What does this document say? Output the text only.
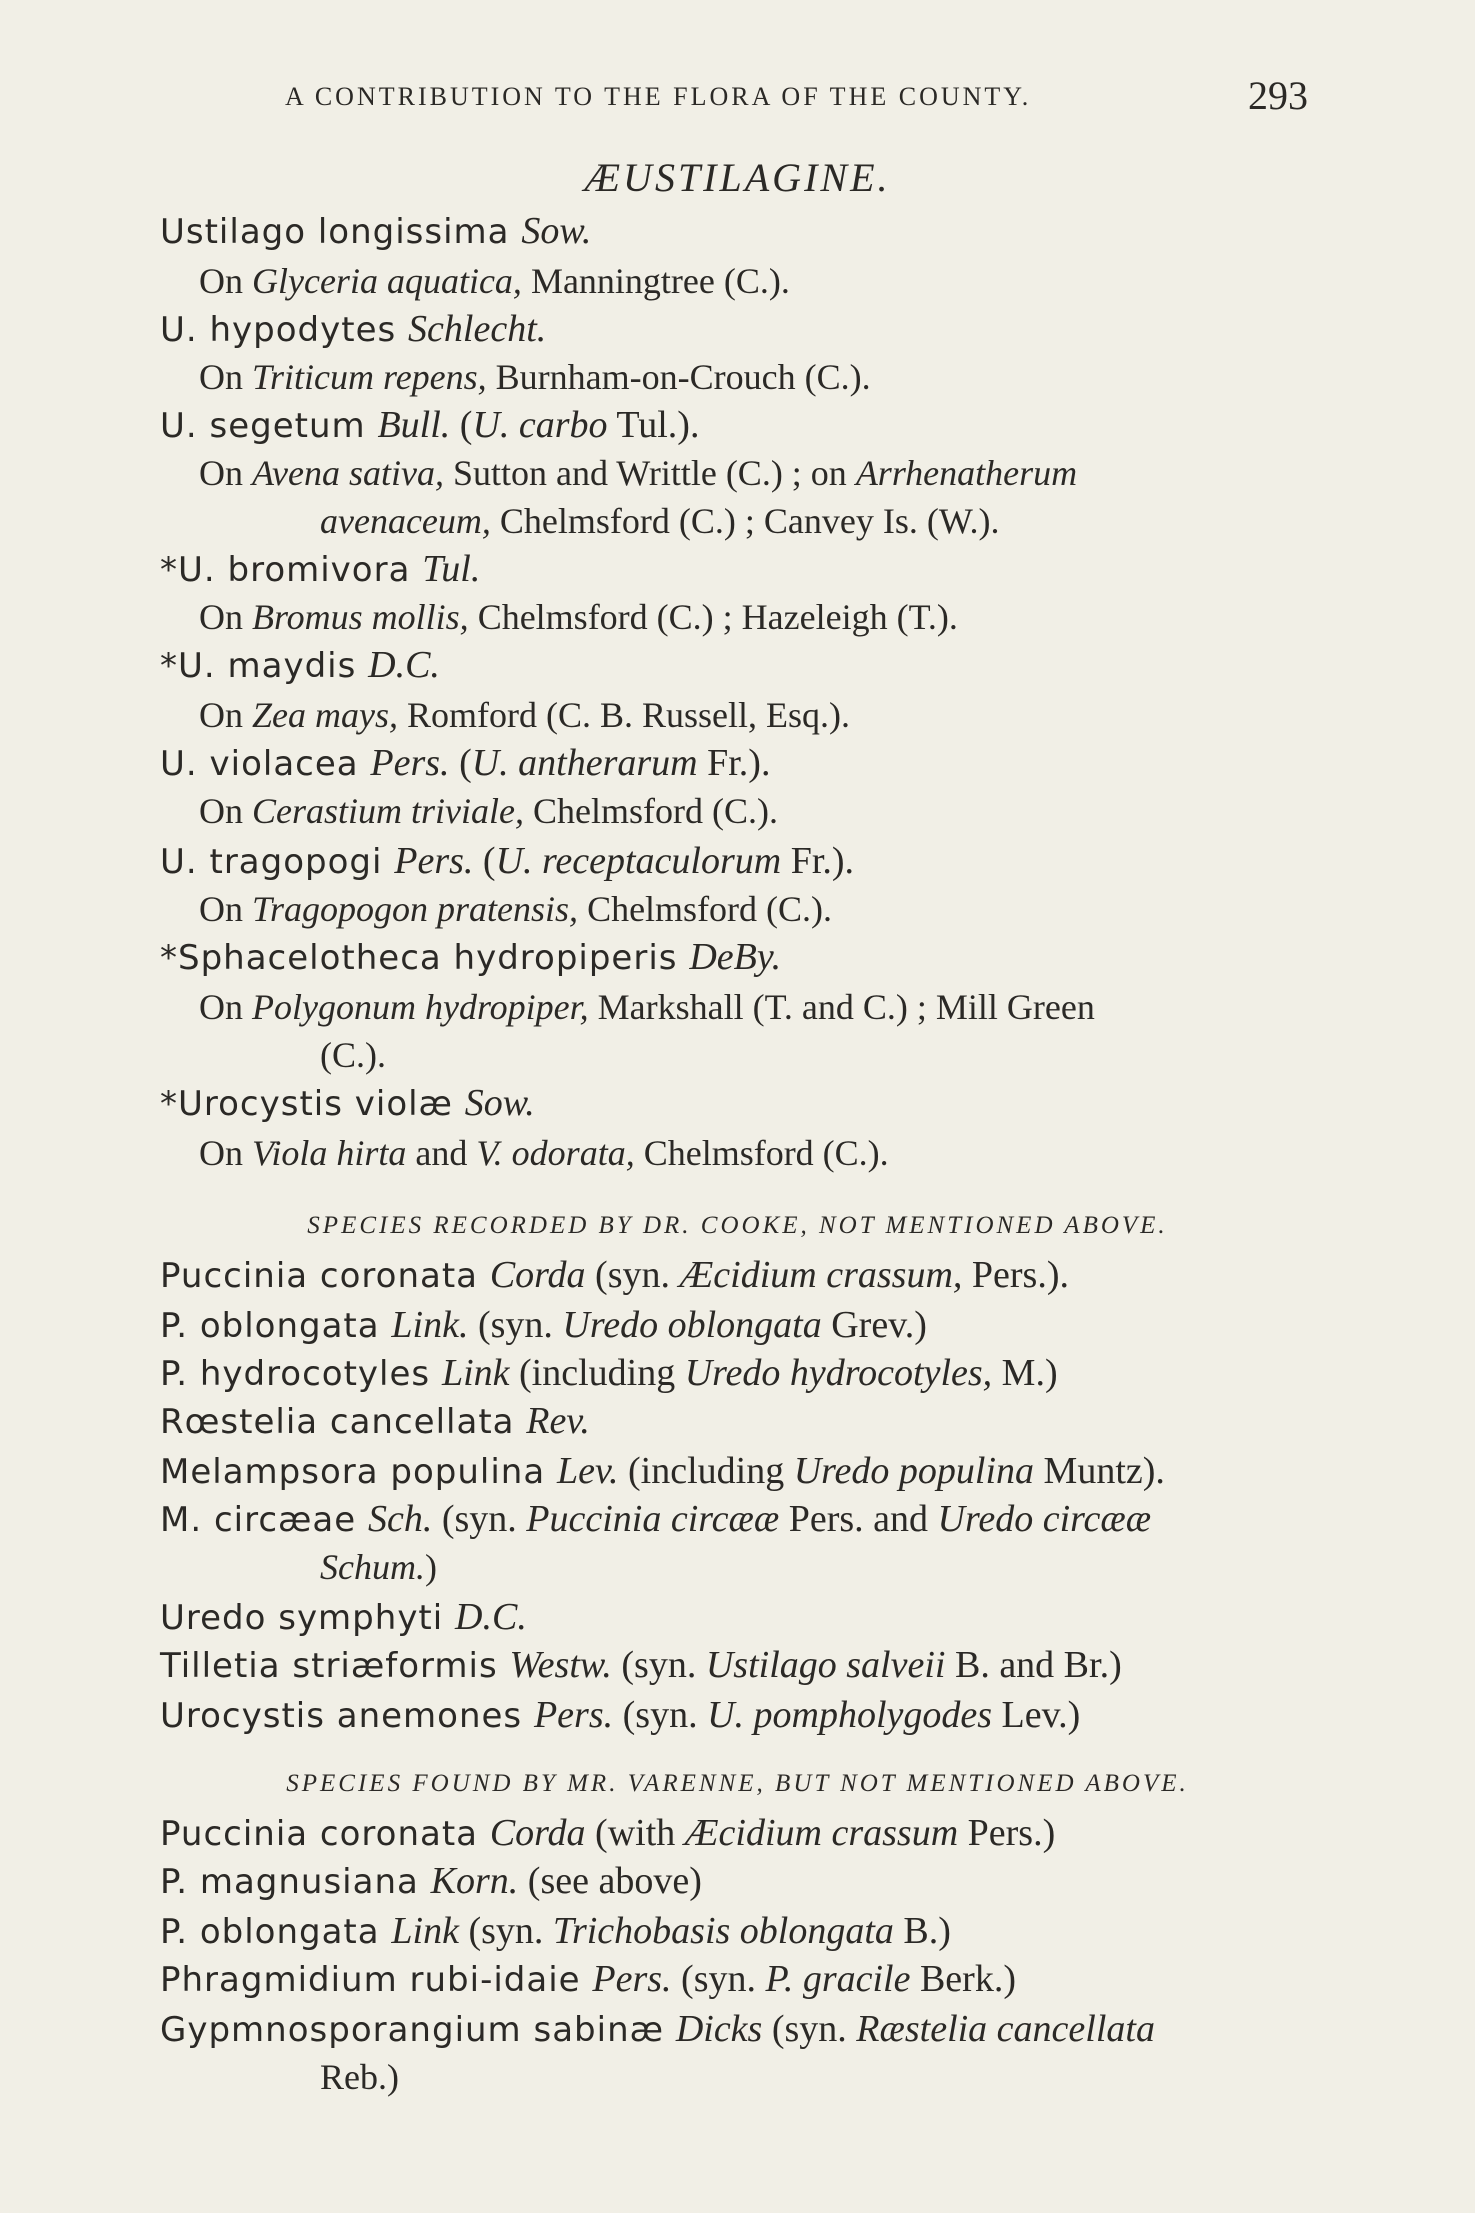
A CONTRIBUTION TO THE FLORA OF THE COUNTY.	293
ÆUSTILAGINE.
Ustilago longissima Sow.
On Glyceria aquatica, Manningtree (C.).
U. hypodytes Schlecht.
On Triticum repens, Burnham-on-Crouch (C.).
U. segetum Bull. (U. carbo Tul.).
On Avena sativa, Sutton and Writtle (C.) ; on Arrhenatherum
avenaceum, Chelmsford (C.) ; Canvey Is. (W.).
*U. bromivora Tul.
On Bromus mollis, Chelmsford (C.) ; Hazeleigh (T.).
*U. maydis D.C.
On Zea mays, Romford (C. B. Russell, Esq.).
U. violacea Pers. (U. antherarum Fr.).
On Cerastium triviale, Chelmsford (C.).
U. tragopogi Pers. (U. receptaculorum Fr.).
On Tragopogon pratensis, Chelmsford (C.).
*Sphacelotheca hydropiperis DeBy.
On Polygonum hydropiper, Markshall (T. and C.) ; Mill Green
(C.).
*Urocystis violæ Sow.
On Viola hirta and V. odorata, Chelmsford (C.).
SPECIES RECORDED BY DR. COOKE, NOT MENTIONED ABOVE.
Puccinia coronata Corda (syn. Æcidium crassum, Pers.).
P. oblongata Link. (syn. Uredo oblongata Grev.)
P. hydrocotyles Link (including Uredo hydrocotyles, M.)
Rœstelia cancellata Rev.
Melampsora populina Lev. (including Uredo populina Muntz).
M. circæae Sch. (syn. Puccinia circææ Pers. and Uredo circææ
Schum.)
Uredo symphyti D.C.
Tilletia striæformis Westw. (syn. Ustilago salveii B. and Br.)
Urocystis anemones Pers. (syn. U. pompholygodes Lev.)
SPECIES FOUND BY MR. VARENNE, BUT NOT MENTIONED ABOVE.
Puccinia coronata Corda (with Æcidium crassum Pers.)
P. magnusiana Korn. (see above)
P. oblongata Link (syn. Trichobasis oblongata B.)
Phragmidium rubi-idaie Pers. (syn. P. gracile Berk.)
Gypmnosporangium sabinæ Dicks (syn. Ræstelia cancellata
Reb.)
